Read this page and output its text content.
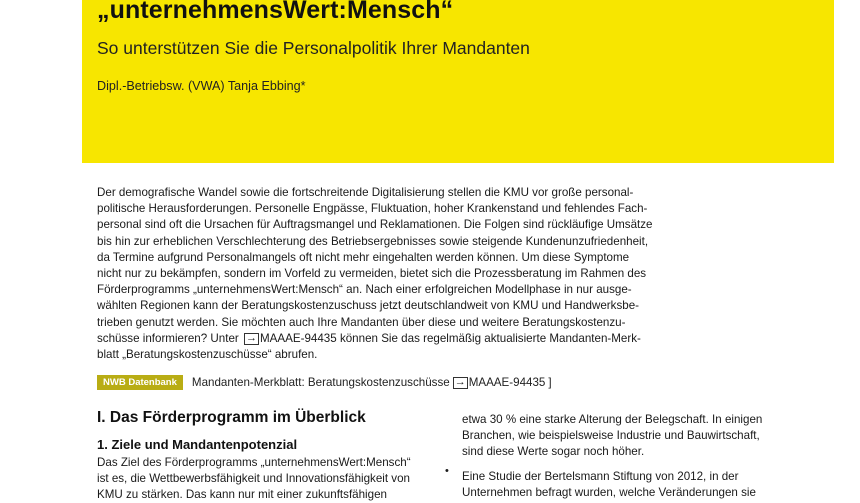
„unternehmensWert:Mensch“
So unterstützen Sie die Personalpolitik Ihrer Mandanten
Dipl.-Betriebsw. (VWA) Tanja Ebbing*
Der demografische Wandel sowie die fortschreitende Digitalisierung stellen die KMU vor große personal-
politische Herausforderungen. Personelle Engpässe, Fluktuation, hoher Krankenstand und fehlendes Fach-
personal sind oft die Ursachen für Auftragsmangel und Reklamationen. Die Folgen sind rückläufige Umsätze
bis hin zur erheblichen Verschlechterung des Betriebsergebnisses sowie steigende Kundenunzufriedenheit,
da Termine aufgrund Personalmangels oft nicht mehr eingehalten werden können. Um diese Symptome
nicht nur zu bekämpfen, sondern im Vorfeld zu vermeiden, bietet sich die Prozessberatung im Rahmen des
Förderprogramms „unternehmensWert:Mensch“ an. Nach einer erfolgreichen Modellphase in nur ausge-
wählten Regionen kann der Beratungskostenzuschuss jetzt deutschlandweit von KMU und Handwerksbe-
trieben genutzt werden. Sie möchten auch Ihre Mandanten über diese und weitere Beratungskostenzu-
schüsse informieren? Unter → MAAAE-94435 können Sie das regelmäßig aktualisierte Mandanten-Merk-
blatt „Beratungskostenzuschüsse“ abrufen.
NWB Datenbank	Mandanten-Merkblatt: Beratungskostenzuschüsse → MAAAE-94435 ]
I. Das Förderprogramm im Überblick
1. Ziele und Mandantenpotenzial
Das Ziel des Förderprogramms „unternehmensWert:Mensch“
ist es, die Wettbewerbsfähigkeit und Innovationsfähigkeit von
KMU zu stärken. Das kann nur mit einer zukunftsfähigen
etwa 30 % eine starke Alterung der Belegschaft. In einigen
Branchen, wie beispielsweise Industrie und Bauwirtschaft,
sind diese Werte sogar noch höher.
Eine Studie der Bertelsmann Stiftung von 2012, in der
Unternehmen befragt wurden, welche Veränderungen sie
•
